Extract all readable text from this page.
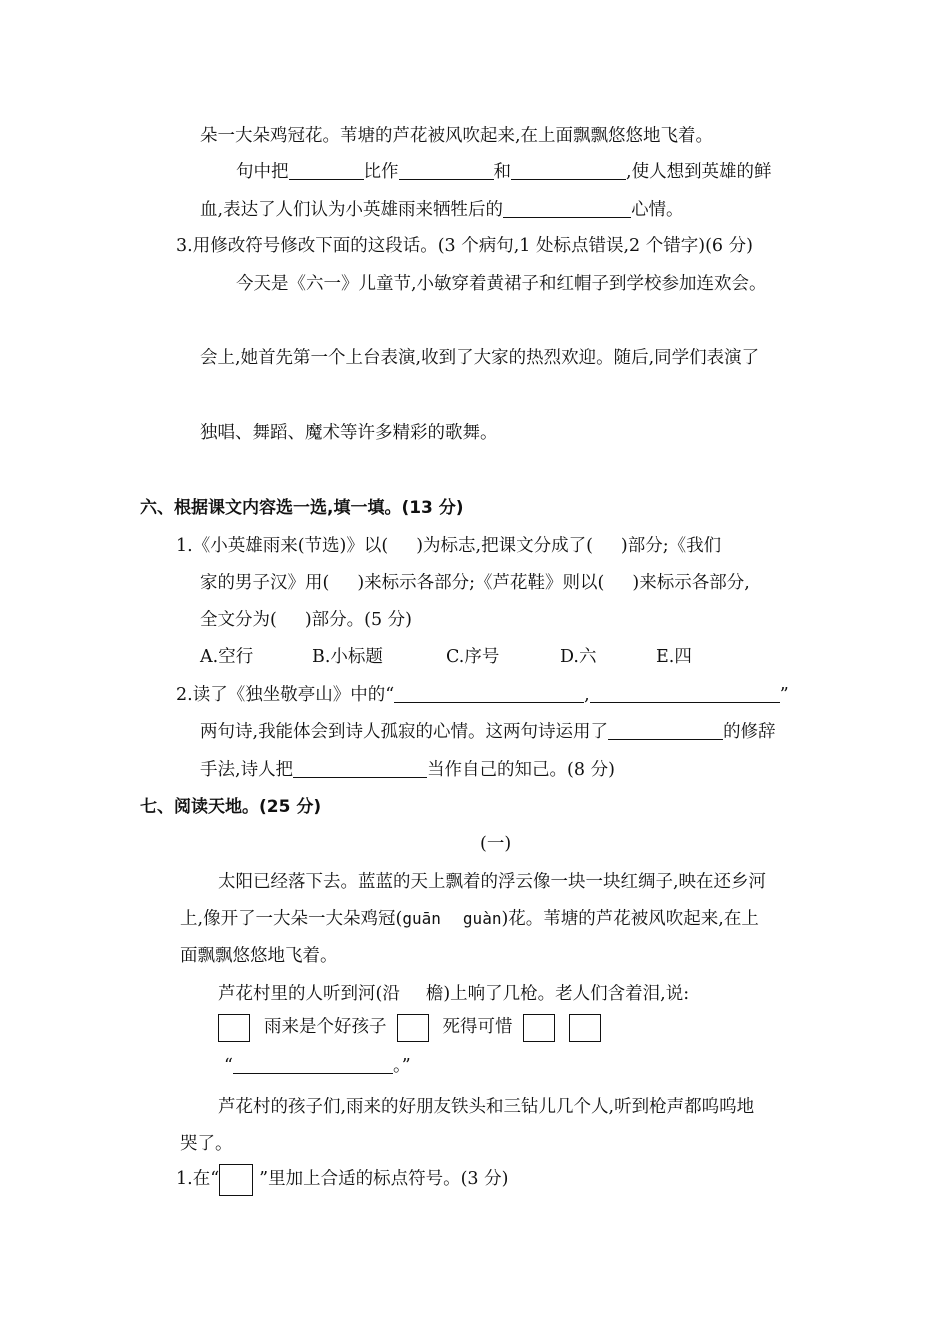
朵一大朵鸡冠花。苇塘的芦花被风吹起来,在上面飘飘悠悠地飞着。
句中把	比作	和	,使人想到英雄的鲜
血,表达了人们认为小英雄雨来牺牲后的	心情。
3.用修改符号修改下面的这段话。(3 个病句,1 处标点错误,2 个错字)(6 分)
今天是《六一》儿童节,小敏穿着黄裙子和红帽子到学校参加连欢会。
会上,她首先第一个上台表演,收到了大家的热烈欢迎。随后,同学们表演了
独唱、舞蹈、魔术等许多精彩的歌舞。
六、根据课文内容选一选,填一填。(13 分)
1.《小英雄雨来(节选)》以( )为标志,把课文分成了( )部分;《我们
家的男子汉》用( )来标示各部分;《芦花鞋》则以( )来标示各部分,
全文分为( )部分。(5 分)
A.空行	B.小标题	C.序号	D.六	E.四
2.读了《独坐敬亭山》中的“	,	”
两句诗,我能体会到诗人孤寂的心情。这两句诗运用了	的修辞
手法,诗人把	当作自己的知己。(8 分)
七、阅读天地。(25 分)
(一)
太阳已经落下去。蓝蓝的天上飘着的浮云像一块一块红绸子,映在还乡河
上,像开了一大朵一大朵鸡冠(guān guàn)花。苇塘的芦花被风吹起来,在上
面飘飘悠悠地飞着。
芦花村里的人听到河(沿 檐)上响了几枪。老人们含着泪,说:
雨来是个好孩子	死得可惜
“	。”
芦花村的孩子们,雨来的好朋友铁头和三钻儿几个人,听到枪声都呜呜地
哭了。
1.在“ ”里加上合适的标点符号。(3 分)
